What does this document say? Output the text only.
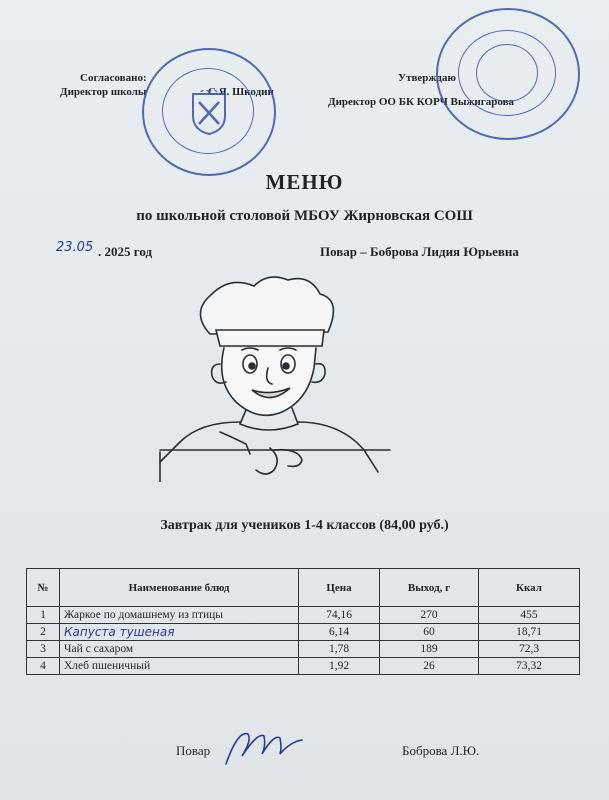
Согласовано:
Директор школы	С.Я. Шкодин
Утверждаю
Директор ОО БК КОРЧ Выжигарова
МЕНЮ
по школьной столовой МБОУ Жирновская СОШ
23.05 . 2025 год	Повар – Боброва Лидия Юрьевна
Завтрак для учеников 1-4 классов (84,00 руб.)
№	Наименование блюд	Цена	Выход, г	Ккал
1	Жаркое по домашнему из птицы	74,16	270	455
2	Капуста тушеная	6,14	60	18,71
3	Чай с сахаром	1,78	189	72,3
4	Хлеб пшеничный	1,92	26	73,32
Повар	Боброва Л.Ю.
